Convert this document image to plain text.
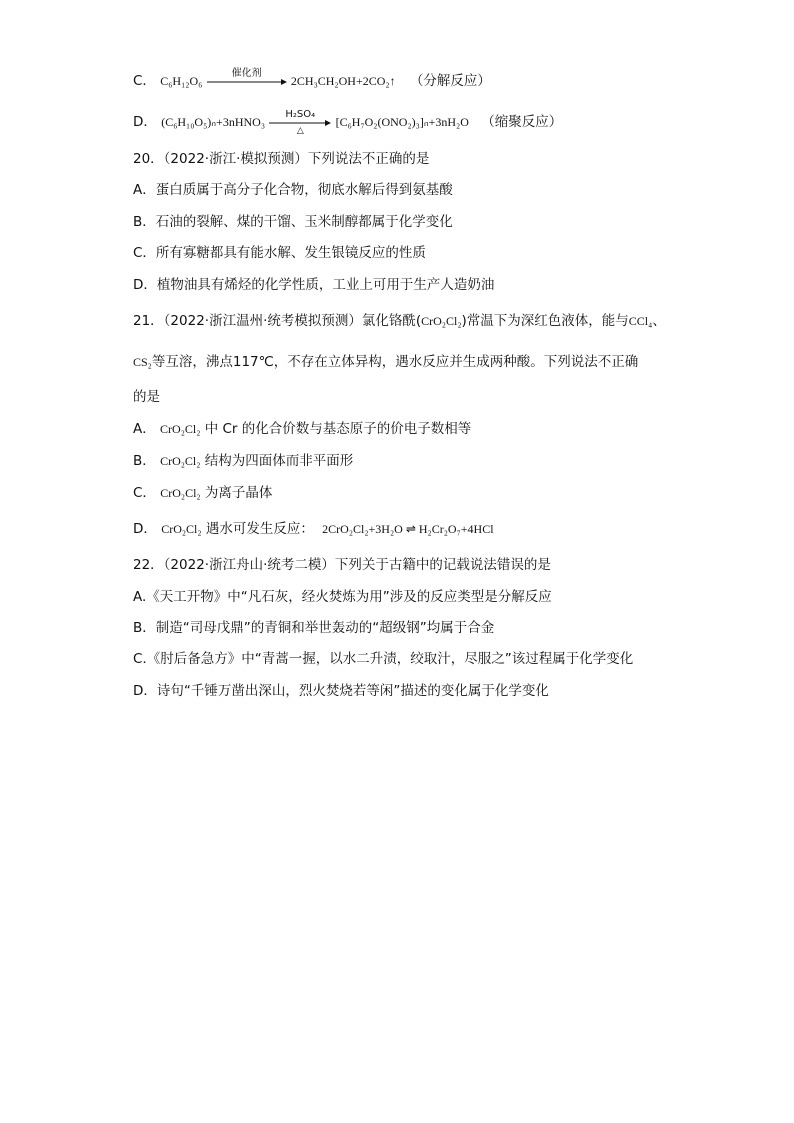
C． C₆H₁₂O₆
催化剂
2CH₃CH₂OH+2CO₂↑ （分解反应）
D． (C₆H₁₀O₅)ₙ+3nHNO₃
H₂SO₄
△
[C₆H₇O₂(ONO₂)₃]ₙ+3nH₂O （缩聚反应）
20．（2022·浙江·模拟预测）下列说法不正确的是
A．蛋白质属于高分子化合物，彻底水解后得到氨基酸
B．石油的裂解、煤的干馏、玉米制醇都属于化学变化
C．所有寡糖都具有能水解、发生银镜反应的性质
D．植物油具有烯烃的化学性质，工业上可用于生产人造奶油
21．（2022·浙江温州·统考模拟预测）氯化铬酰(CrO₂Cl₂)常温下为深红色液体，能与CCl₄、
CS₂等互溶，沸点117℃，不存在立体异构，遇水反应并生成两种酸。下列说法不正确
的是
A． CrO₂Cl₂ 中 Cr 的化合价数与基态原子的价电子数相等
B． CrO₂Cl₂ 结构为四面体而非平面形
C． CrO₂Cl₂ 为离子晶体
D． CrO₂Cl₂ 遇水可发生反应： 2CrO₂Cl₂+3H₂O ⇌ H₂Cr₂O₇+4HCl
22．（2022·浙江舟山·统考二模）下列关于古籍中的记载说法错误的是
A.《天工开物》中“凡石灰，经火焚炼为用”涉及的反应类型是分解反应
B．制造“司母戊鼎”的青铜和举世轰动的“超级钢”均属于合金
C.《肘后备急方》中“青蒿一握，以水二升渍，绞取汁，尽服之”该过程属于化学变化
D．诗句“千锤万凿出深山，烈火焚烧若等闲”描述的变化属于化学变化
